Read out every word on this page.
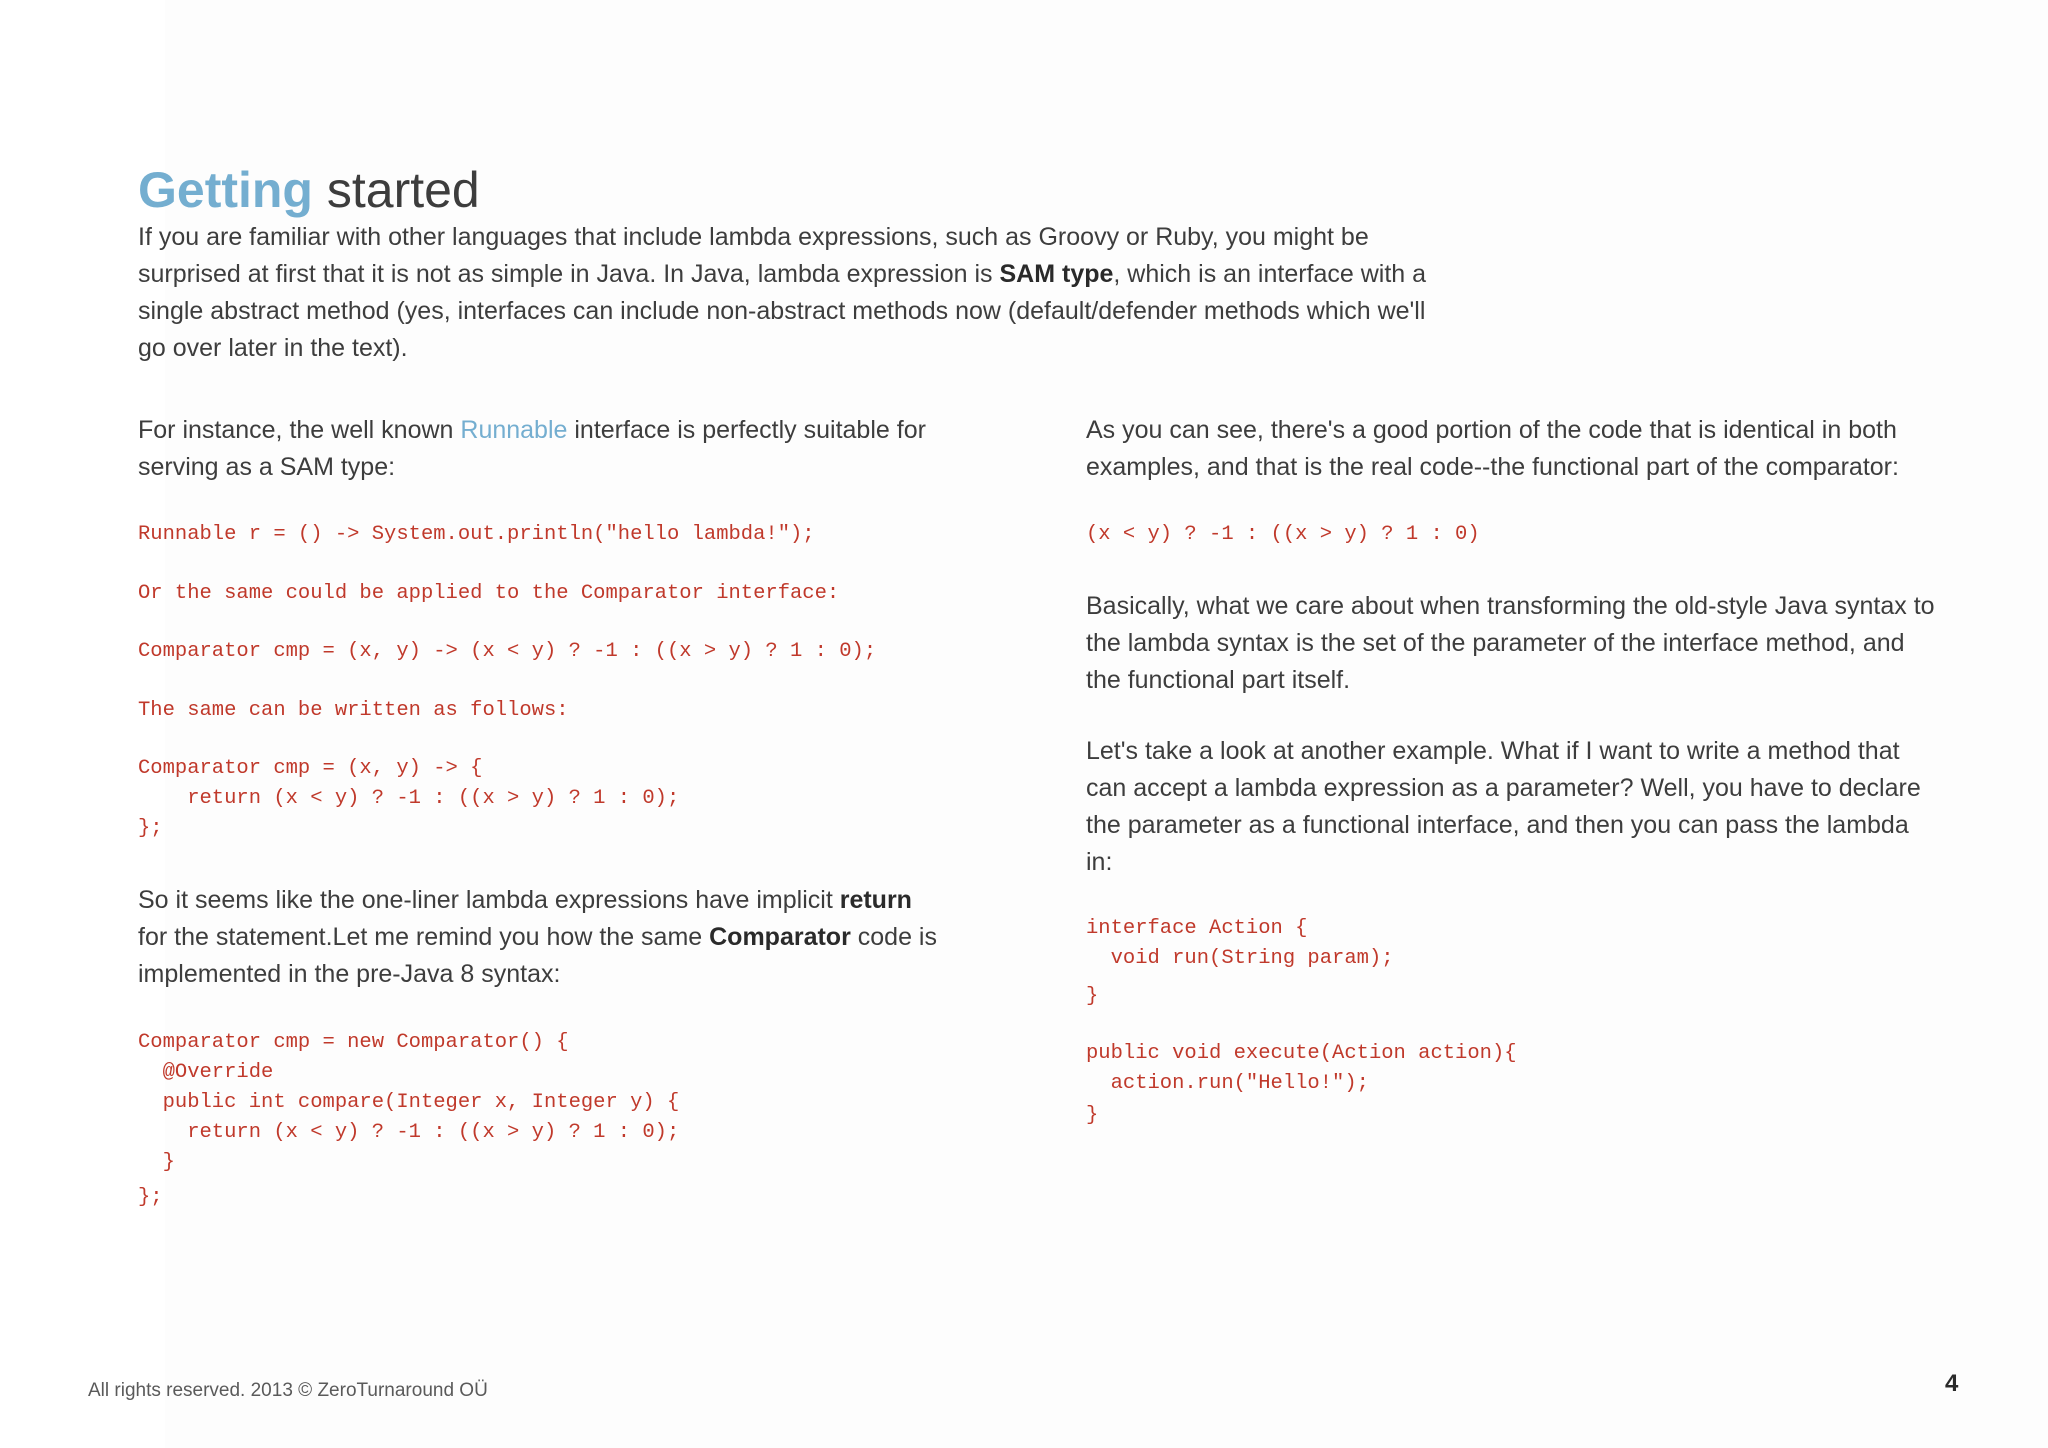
Getting started

If you are familiar with other languages that include lambda expressions, such as Groovy or Ruby, you might be

surprised at first that it is not as simple in Java. In Java, lambda expression is SAM type, which is an interface with a

single abstract method (yes, interfaces can include non-abstract methods now (default/defender methods which we'll

go over later in the text).

For instance, the well known Runnable interface is perfectly suitable for

serving as a SAM type:

Runnable r = () -> System.out.println("hello lambda!");
Or the same could be applied to the Comparator interface:
Comparator cmp = (x, y) -> (x < y) ? -1 : ((x > y) ? 1 : 0);
The same can be written as follows:
Comparator cmp = (x, y) -> {
return (x < y) ? -1 : ((x > y) ? 1 : 0);
};

So it seems like the one-liner lambda expressions have implicit return

for the statement.Let me remind you how the same Comparator code is

implemented in the pre-Java 8 syntax:

Comparator cmp = new Comparator() {
@Override
public int compare(Integer x, Integer y) {
return (x < y) ? -1 : ((x > y) ? 1 : 0);
}
};

As you can see, there's a good portion of the code that is identical in both

examples, and that is the real code--the functional part of the comparator:

(x < y) ? -1 : ((x > y) ? 1 : 0)

Basically, what we care about when transforming the old-style Java syntax to

the lambda syntax is the set of the parameter of the interface method, and

the functional part itself.

Let's take a look at another example. What if I want to write a method that

can accept a lambda expression as a parameter? Well, you have to declare

the parameter as a functional interface, and then you can pass the lambda

in:

interface Action {
void run(String param);
}
public void execute(Action action){
action.run("Hello!");
}
All rights reserved. 2013 © ZeroTurnaround OÜ	4
